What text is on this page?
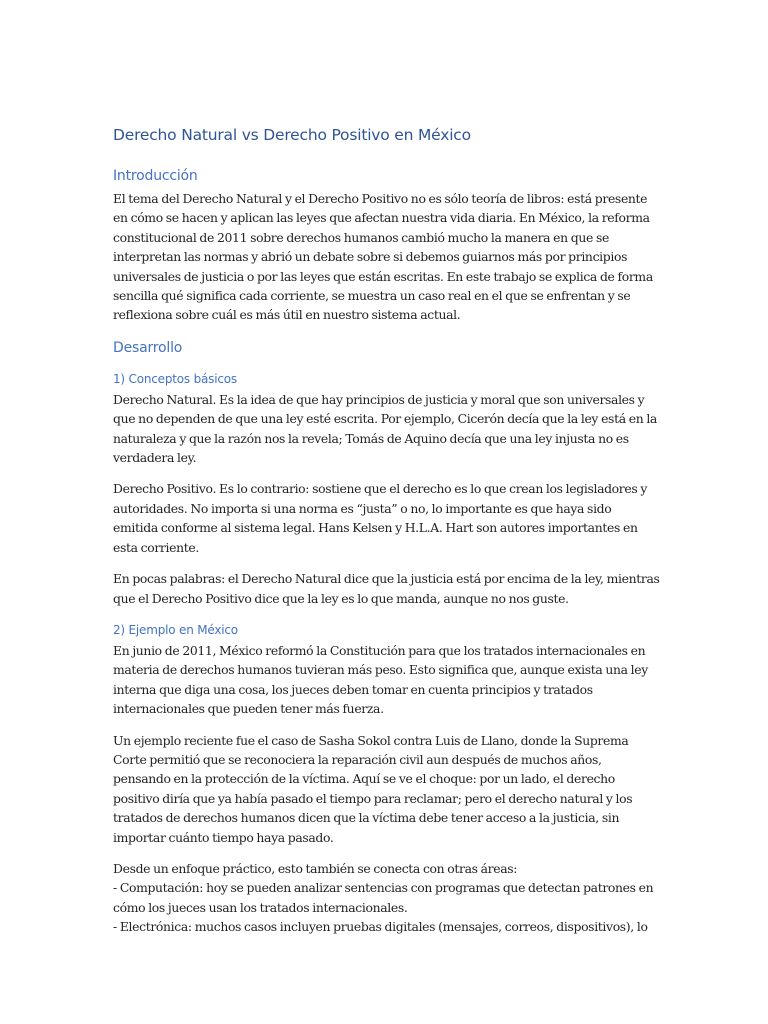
Derecho Natural vs Derecho Positivo en México
Introducción
El tema del Derecho Natural y el Derecho Positivo no es sólo teoría de libros: está presente
en cómo se hacen y aplican las leyes que afectan nuestra vida diaria. En México, la reforma
constitucional de 2011 sobre derechos humanos cambió mucho la manera en que se
interpretan las normas y abrió un debate sobre si debemos guiarnos más por principios
universales de justicia o por las leyes que están escritas. En este trabajo se explica de forma
sencilla qué significa cada corriente, se muestra un caso real en el que se enfrentan y se
reflexiona sobre cuál es más útil en nuestro sistema actual.
Desarrollo
1) Conceptos básicos
Derecho Natural. Es la idea de que hay principios de justicia y moral que son universales y
que no dependen de que una ley esté escrita. Por ejemplo, Cicerón decía que la ley está en la
naturaleza y que la razón nos la revela; Tomás de Aquino decía que una ley injusta no es
verdadera ley.
Derecho Positivo. Es lo contrario: sostiene que el derecho es lo que crean los legisladores y
autoridades. No importa si una norma es “justa” o no, lo importante es que haya sido
emitida conforme al sistema legal. Hans Kelsen y H.L.A. Hart son autores importantes en
esta corriente.
En pocas palabras: el Derecho Natural dice que la justicia está por encima de la ley, mientras
que el Derecho Positivo dice que la ley es lo que manda, aunque no nos guste.
2) Ejemplo en México
En junio de 2011, México reformó la Constitución para que los tratados internacionales en
materia de derechos humanos tuvieran más peso. Esto significa que, aunque exista una ley
interna que diga una cosa, los jueces deben tomar en cuenta principios y tratados
internacionales que pueden tener más fuerza.
Un ejemplo reciente fue el caso de Sasha Sokol contra Luis de Llano, donde la Suprema
Corte permitió que se reconociera la reparación civil aun después de muchos años,
pensando en la protección de la víctima. Aquí se ve el choque: por un lado, el derecho
positivo diría que ya había pasado el tiempo para reclamar; pero el derecho natural y los
tratados de derechos humanos dicen que la víctima debe tener acceso a la justicia, sin
importar cuánto tiempo haya pasado.
Desde un enfoque práctico, esto también se conecta con otras áreas:
- Computación: hoy se pueden analizar sentencias con programas que detectan patrones en
cómo los jueces usan los tratados internacionales.
- Electrónica: muchos casos incluyen pruebas digitales (mensajes, correos, dispositivos), lo
